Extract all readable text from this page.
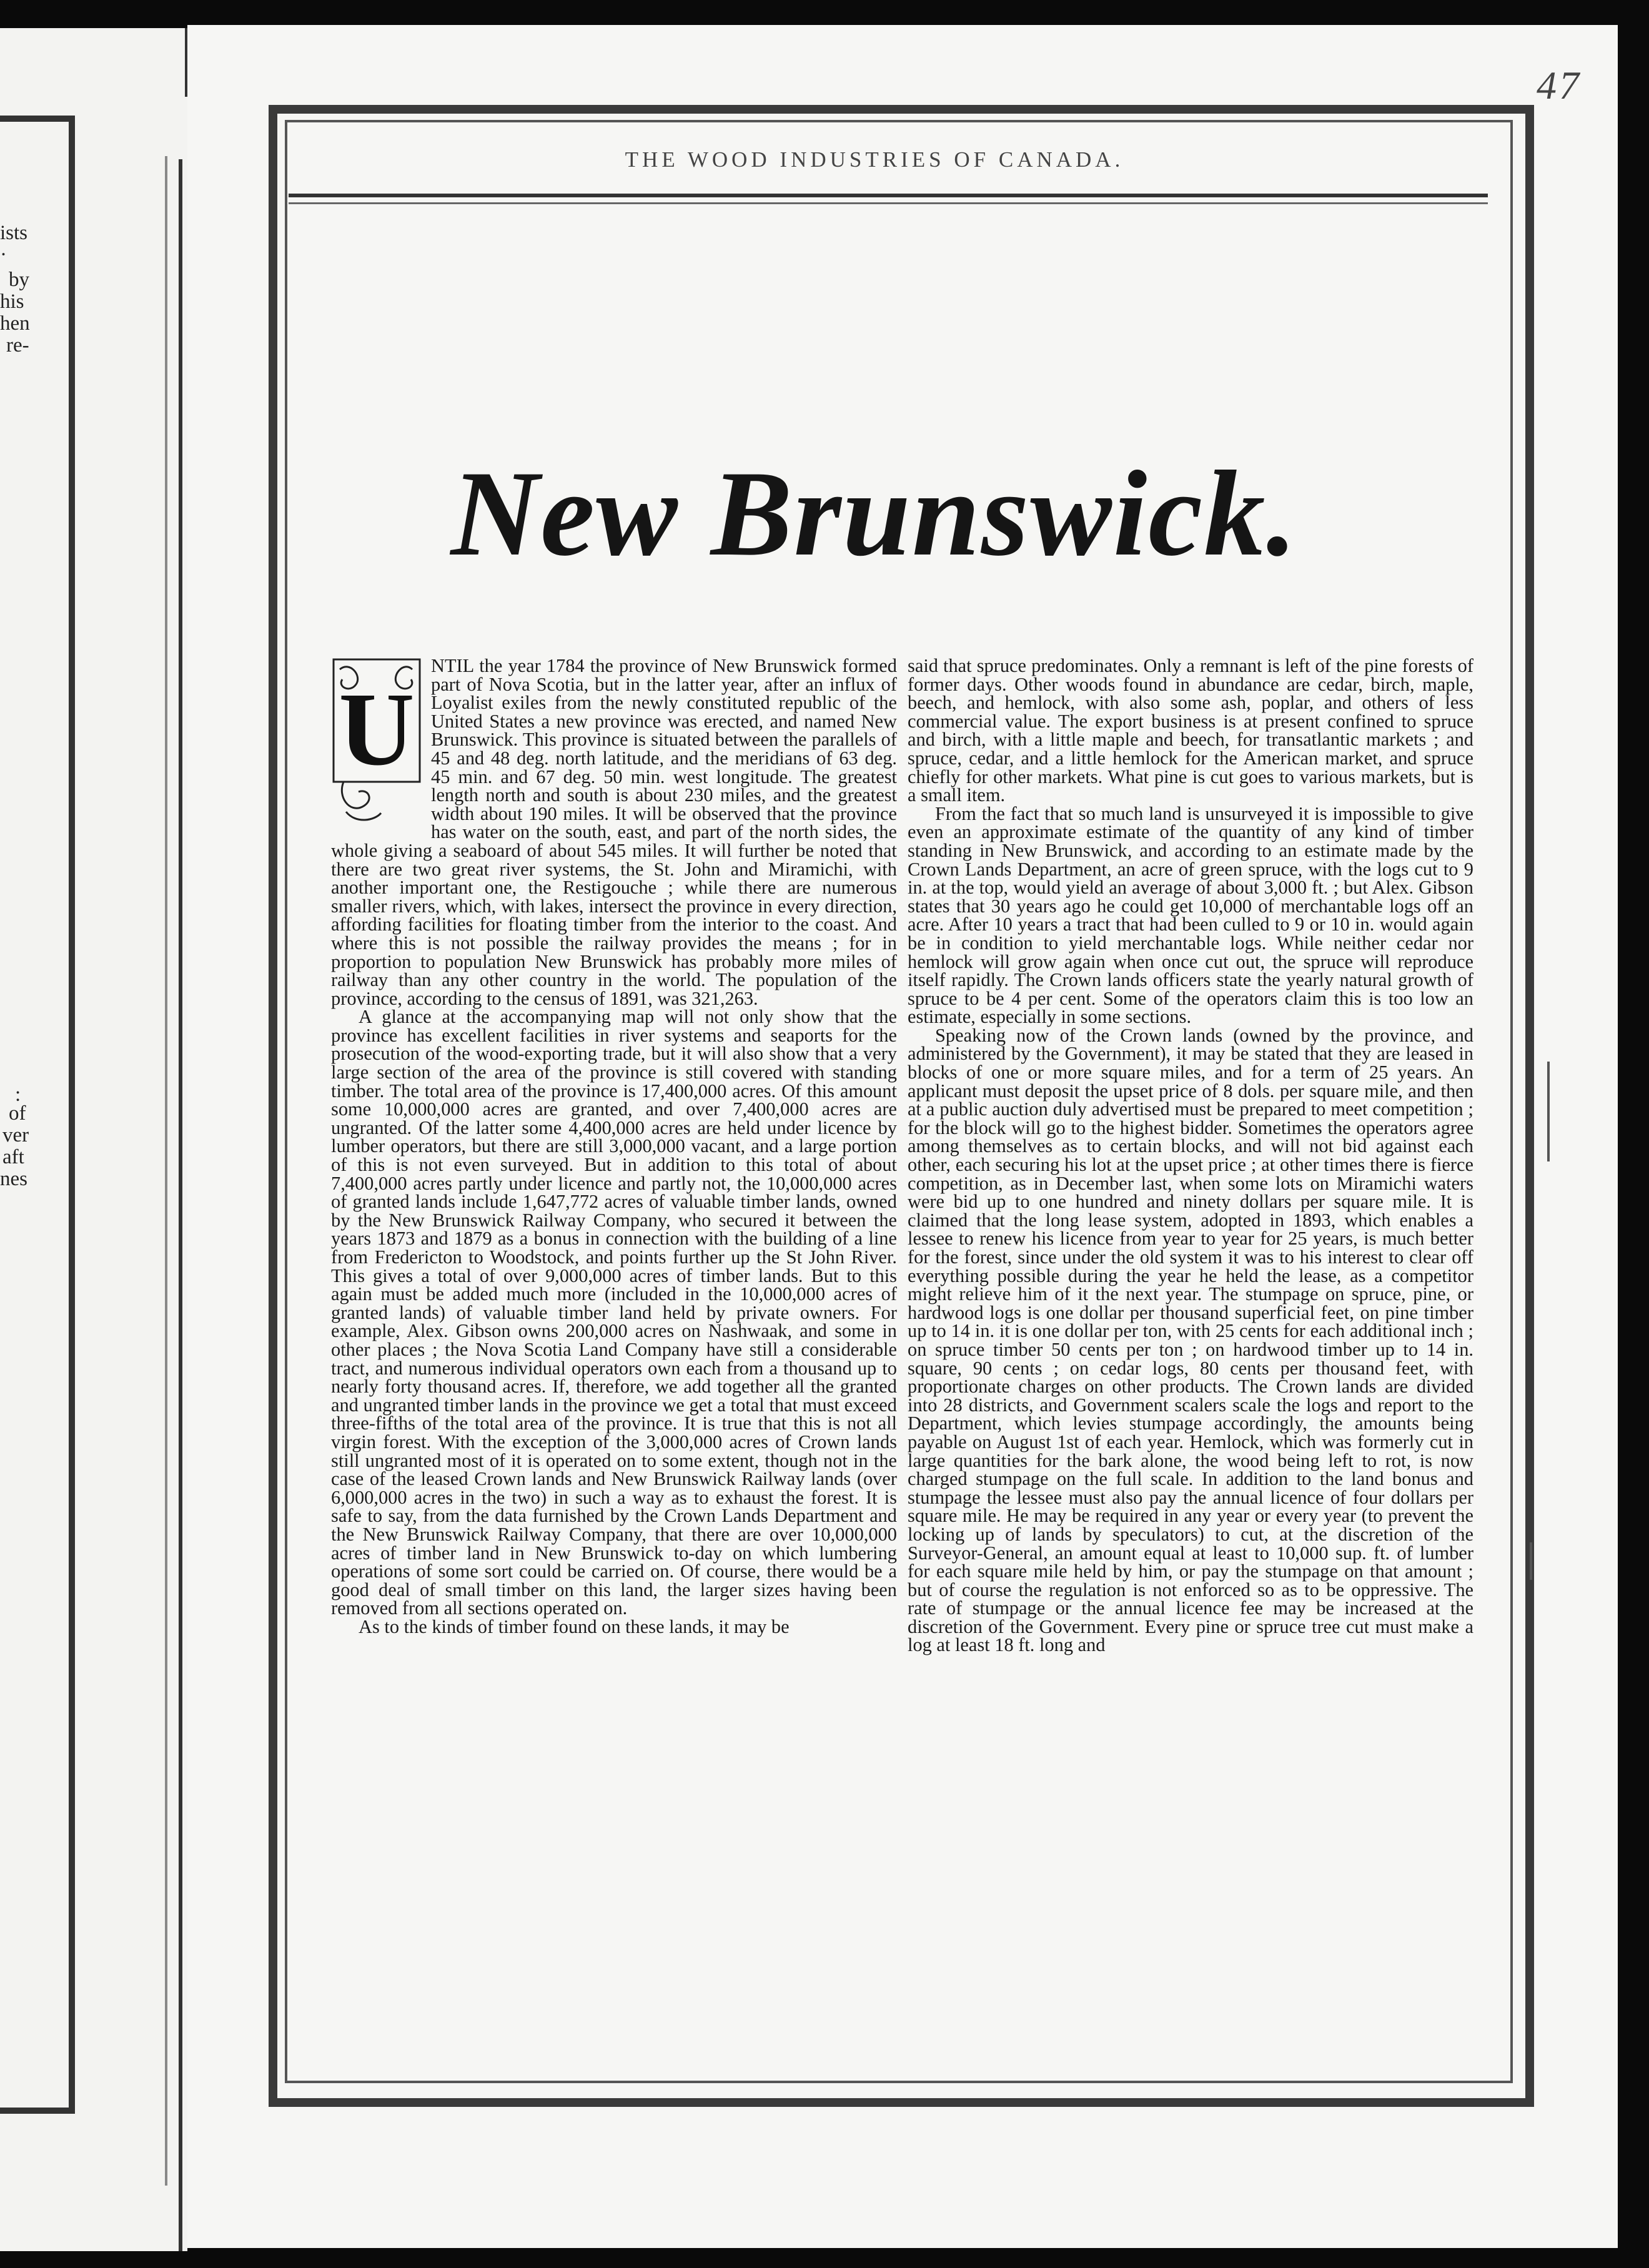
ists
·
by
his
hen
re-
:
of
ver
aft
nes
47
THE WOOD INDUSTRIES OF CANADA.
New Brunswick.

U
NTIL the year 1784 the province of New Brunswick formed part of Nova Scotia, but in the latter year, after an influx of Loyalist exiles from the newly constituted republic of the United States a new province was erected, and named New Brunswick. This province is situated between the parallels of 45 and 48 deg. north latitude, and the meridians of 63 deg. 45 min. and 67 deg. 50 min. west longitude. The greatest length north and south is about 230 miles, and the greatest width about 190 miles. It will be observed that the province has water on the south, east, and part of the north sides, the whole giving a seaboard of about 545 miles. It will further be noted that there are two great river systems, the St. John and Miramichi, with another important one, the Restigouche ; while there are numerous smaller rivers, which, with lakes, intersect the province in every direction, affording facilities for floating timber from the interior to the coast. And where this is not possible the railway provides the means ; for in proportion to population New Brunswick has probably more miles of railway than any other country in the world. The population of the province, according to the census of 1891, was 321,263.

A glance at the accompanying map will not only show that the province has excellent facilities in river systems and seaports for the prosecution of the wood-exporting trade, but it will also show that a very large section of the area of the province is still covered with standing timber. The total area of the province is 17,400,000 acres. Of this amount some 10,000,000 acres are granted, and over 7,400,000 acres are ungranted. Of the latter some 4,400,000 acres are held under licence by lumber operators, but there are still 3,000,000 vacant, and a large portion of this is not even surveyed. But in addition to this total of about 7,400,000 acres partly under licence and partly not, the 10,000,000 acres of granted lands include 1,647,772 acres of valuable timber lands, owned by the New Brunswick Railway Company, who secured it between the years 1873 and 1879 as a bonus in connection with the building of a line from Fredericton to Woodstock, and points further up the St John River. This gives a total of over 9,000,000 acres of timber lands. But to this again must be added much more (included in the 10,000,000 acres of granted lands) of valuable timber land held by private owners. For example, Alex. Gibson owns 200,000 acres on Nashwaak, and some in other places ; the Nova Scotia Land Company have still a considerable tract, and numerous individual operators own each from a thousand up to nearly forty thousand acres. If, therefore, we add together all the granted and ungranted timber lands in the province we get a total that must exceed three-fifths of the total area of the province. It is true that this is not all virgin forest. With the exception of the 3,000,000 acres of Crown lands still ungranted most of it is operated on to some extent, though not in the case of the leased Crown lands and New Brunswick Railway lands (over 6,000,000 acres in the two) in such a way as to exhaust the forest. It is safe to say, from the data furnished by the Crown Lands Department and the New Brunswick Railway Company, that there are over 10,000,000 acres of timber land in New Brunswick to-day on which lumbering operations of some sort could be carried on. Of course, there would be a good deal of small timber on this land, the larger sizes having been removed from all sections operated on.

As to the kinds of timber found on these lands, it may be

said that spruce predominates. Only a remnant is left of the pine forests of former days. Other woods found in abundance are cedar, birch, maple, beech, and hemlock, with also some ash, poplar, and others of less commercial value. The export business is at present confined to spruce and birch, with a little maple and beech, for transatlantic markets ; and spruce, cedar, and a little hemlock for the American market, and spruce chiefly for other markets. What pine is cut goes to various markets, but is a small item.

From the fact that so much land is unsurveyed it is impossible to give even an approximate estimate of the quantity of any kind of timber standing in New Brunswick, and according to an estimate made by the Crown Lands Department, an acre of green spruce, with the logs cut to 9 in. at the top, would yield an average of about 3,000 ft. ; but Alex. Gibson states that 30 years ago he could get 10,000 of merchantable logs off an acre. After 10 years a tract that had been culled to 9 or 10 in. would again be in condition to yield merchantable logs. While neither cedar nor hemlock will grow again when once cut out, the spruce will reproduce itself rapidly. The Crown lands officers state the yearly natural growth of spruce to be 4 per cent. Some of the operators claim this is too low an estimate, especially in some sections.

Speaking now of the Crown lands (owned by the province, and administered by the Government), it may be stated that they are leased in blocks of one or more square miles, and for a term of 25 years. An applicant must deposit the upset price of 8 dols. per square mile, and then at a public auction duly advertised must be prepared to meet competition ; for the block will go to the highest bidder. Sometimes the operators agree among themselves as to certain blocks, and will not bid against each other, each securing his lot at the upset price ; at other times there is fierce competition, as in December last, when some lots on Miramichi waters were bid up to one hundred and ninety dollars per square mile. It is claimed that the long lease system, adopted in 1893, which enables a lessee to renew his licence from year to year for 25 years, is much better for the forest, since under the old system it was to his interest to clear off everything possible during the year he held the lease, as a competitor might relieve him of it the next year. The stumpage on spruce, pine, or hardwood logs is one dollar per thousand superficial feet, on pine timber up to 14 in. it is one dollar per ton, with 25 cents for each additional inch ; on spruce timber 50 cents per ton ; on hardwood timber up to 14 in. square, 90 cents ; on cedar logs, 80 cents per thousand feet, with proportionate charges on other products. The Crown lands are divided into 28 districts, and Government scalers scale the logs and report to the Department, which levies stumpage accordingly, the amounts being payable on August 1st of each year. Hemlock, which was formerly cut in large quantities for the bark alone, the wood being left to rot, is now charged stumpage on the full scale. In addition to the land bonus and stumpage the lessee must also pay the annual licence of four dollars per square mile. He may be required in any year or every year (to prevent the locking up of lands by speculators) to cut, at the discretion of the Surveyor-General, an amount equal at least to 10,000 sup. ft. of lumber for each square mile held by him, or pay the stumpage on that amount ; but of course the regulation is not enforced so as to be oppressive. The rate of stumpage or the annual licence fee may be increased at the discretion of the Government. Every pine or spruce tree cut must make a log at least 18 ft. long and
